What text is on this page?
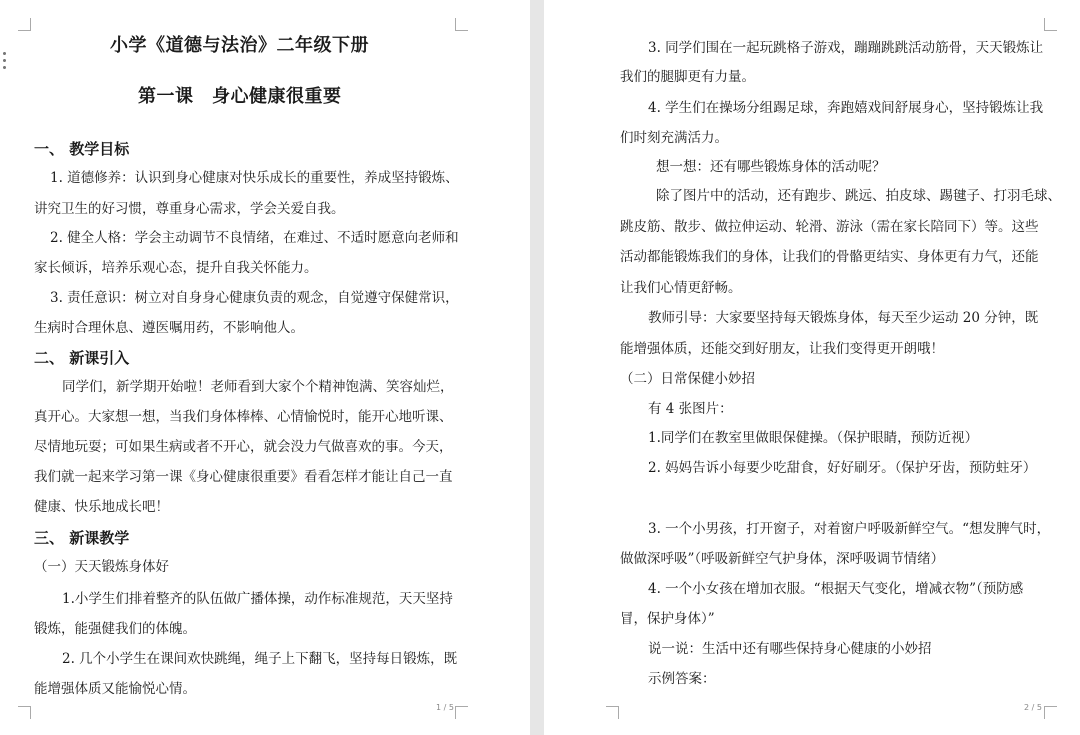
小学《道德与法治》二年级下册
第一课　身心健康很重要
一、 教学目标
1. 道德修养：认识到身心健康对快乐成长的重要性，养成坚持锻炼、
讲究卫生的好习惯，尊重身心需求，学会关爱自我。
2. 健全人格：学会主动调节不良情绪，在难过、不适时愿意向老师和
家长倾诉，培养乐观心态，提升自我关怀能力。
3. 责任意识：树立对自身身心健康负责的观念，自觉遵守保健常识，
生病时合理休息、遵医嘱用药，不影响他人。
二、 新课引入
同学们，新学期开始啦！老师看到大家个个精神饱满、笑容灿烂，
真开心。大家想一想，当我们身体棒棒、心情愉悦时，能开心地听课、
尽情地玩耍；可如果生病或者不开心，就会没力气做喜欢的事。今天，
我们就一起来学习第一课《身心健康很重要》看看怎样才能让自己一直
健康、快乐地成长吧！
三、 新课教学
（一）天天锻炼身体好
1.小学生们排着整齐的队伍做广播体操，动作标准规范，天天坚持
锻炼，能强健我们的体魄。
2. 几个小学生在课间欢快跳绳，绳子上下翻飞，坚持每日锻炼，既
能增强体质又能愉悦心情。
1 / 5
3. 同学们围在一起玩跳格子游戏，蹦蹦跳跳活动筋骨，天天锻炼让
我们的腿脚更有力量。
4. 学生们在操场分组踢足球，奔跑嬉戏间舒展身心，坚持锻炼让我
们时刻充满活力。
想一想：还有哪些锻炼身体的活动呢？
除了图片中的活动，还有跑步、跳远、拍皮球、踢毽子、打羽毛球、
跳皮筋、散步、做拉伸运动、轮滑、游泳（需在家长陪同下）等。这些
活动都能锻炼我们的身体，让我们的骨骼更结实、身体更有力气，还能
让我们心情更舒畅。
教师引导：大家要坚持每天锻炼身体，每天至少运动 20 分钟，既
能增强体质，还能交到好朋友，让我们变得更开朗哦！
（二）日常保健小妙招
有 4 张图片：
1.同学们在教室里做眼保健操。（保护眼睛，预防近视）
2. 妈妈告诉小每要少吃甜食，好好刷牙。（保护牙齿，预防蛀牙）
3. 一个小男孩，打开窗子，对着窗户呼吸新鲜空气。“想发脾气时，
做做深呼吸”（呼吸新鲜空气护身体，深呼吸调节情绪）
4. 一个小女孩在增加衣服。“根据天气变化，增减衣物”（预防感
冒，保护身体）”
说一说：生活中还有哪些保持身心健康的小妙招
示例答案：
2 / 5
